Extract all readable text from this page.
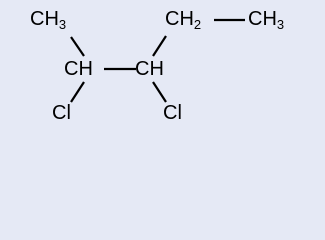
$CH_3$
CH CH
$CH_2$ $CH_3$
Cl	Cl
